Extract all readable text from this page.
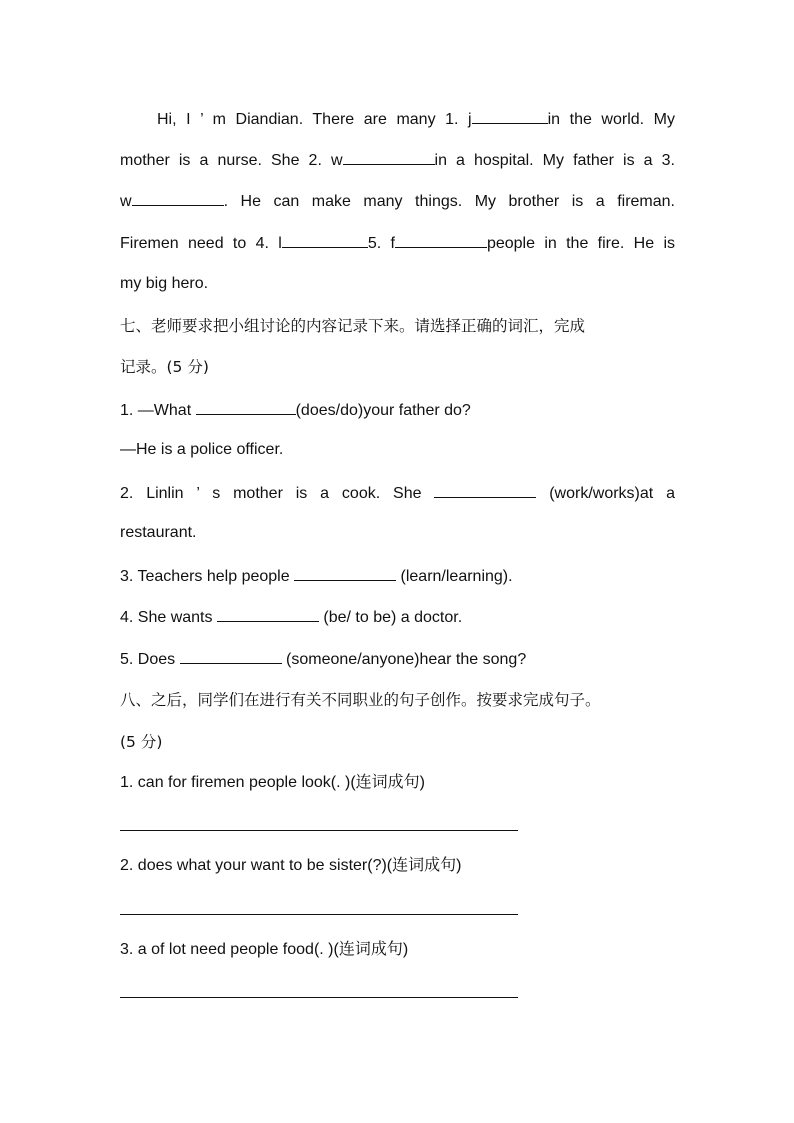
Hi, I ’ m Diandian. There are many 1. j	in the world. My
mother is a nurse. She 2. w	in a hospital. My father is a 3.
w	. He can make many things. My brother is a fireman.
Firemen need to 4. l	5. f	people in the fire. He is
my big hero.
七、老师要求把小组讨论的内容记录下来。请选择正确的词汇，完成
记录。(5 分)
1. —What	(does/do)your father do?
—He is a police officer.
2. Linlin ’ s mother is a cook. She	(work/works)at a
restaurant.
3. Teachers help people	(learn/learning).
4. She wants	(be/ to be) a doctor.
5. Does	(someone/anyone)hear the song?
八、之后，同学们在进行有关不同职业的句子创作。按要求完成句子。
(5 分)
1. can for firemen people look(. )(连词成句)
2. does what your want to be sister(?)(连词成句)
3. a of lot need people food(. )(连词成句)
